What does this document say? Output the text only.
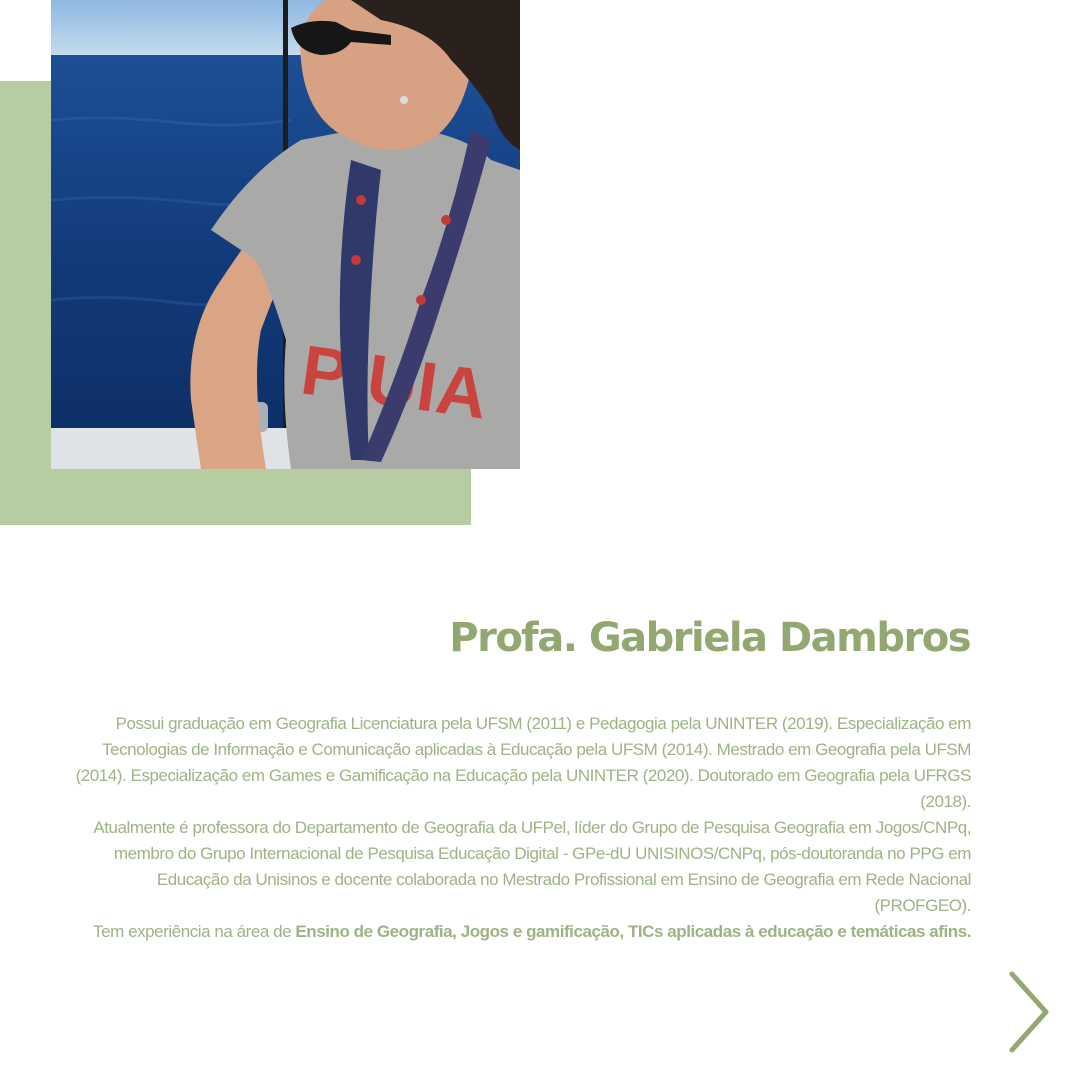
Profa. Gabriela Dambros

Possui graduação em Geografia Licenciatura pela UFSM (2011) e Pedagogia pela UNINTER (2019). Especialização em Tecnologias de Informação e Comunicação aplicadas à Educação pela UFSM (2014). Mestrado em Geografia pela UFSM (2014). Especialização em Games e Gamificação na Educação pela UNINTER (2020). Doutorado em Geografia pela UFRGS (2018).

Atualmente é professora do Departamento de Geografia da UFPel, líder do Grupo de Pesquisa Geografia em Jogos/CNPq, membro do Grupo Internacional de Pesquisa Educação Digital - GPe-dU UNISINOS/CNPq, pós-doutoranda no PPG em Educação da Unisinos e docente colaborada no Mestrado Profissional em Ensino de Geografia em Rede Nacional (PROFGEO).

Tem experiência na área de Ensino de Geografia, Jogos e gamificação, TICs aplicadas à educação e temáticas afins.
